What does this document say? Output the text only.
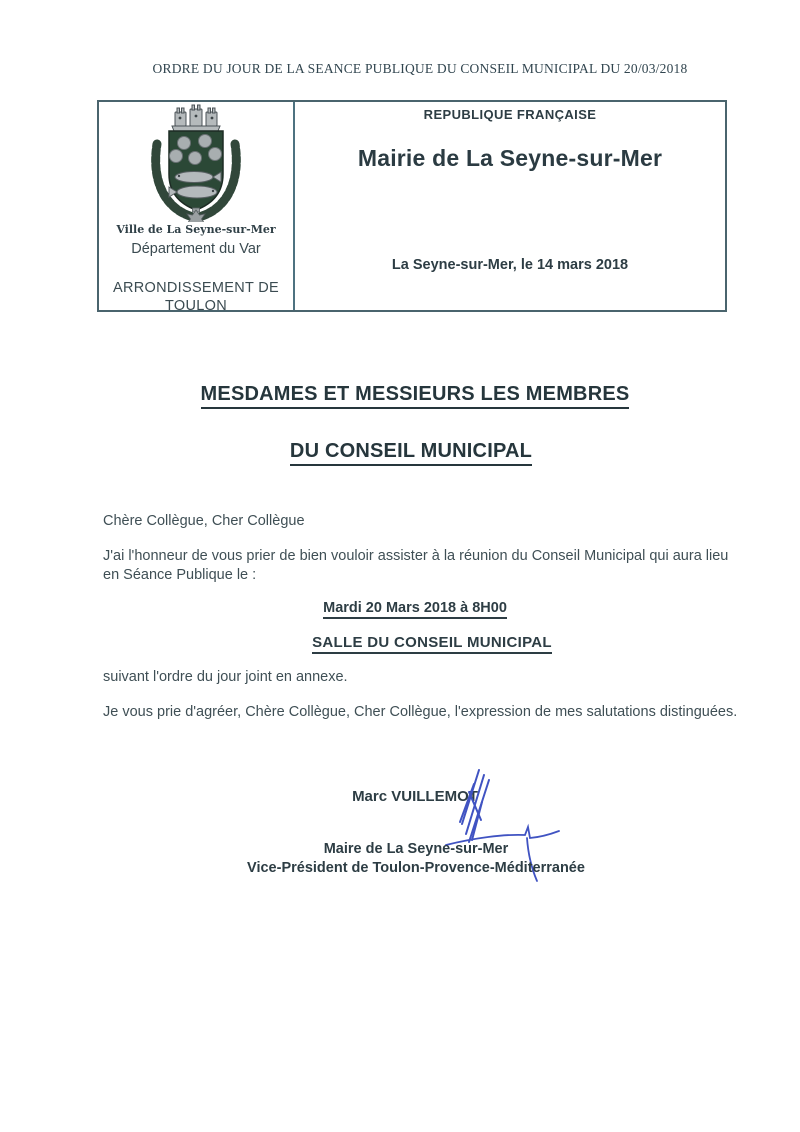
ORDRE DU JOUR DE LA SEANCE PUBLIQUE DU CONSEIL MUNICIPAL DU 20/03/2018
Ville de La Seyne-sur-Mer
Département du Var
ARRONDISSEMENT DE
TOULON
REPUBLIQUE FRANÇAISE
Mairie de La Seyne-sur-Mer
La Seyne-sur-Mer, le 14 mars 2018
MESDAMES ET MESSIEURS LES MEMBRES
DU CONSEIL MUNICIPAL
Chère Collègue, Cher Collègue
J'ai l'honneur de vous prier de bien vouloir assister à la réunion du Conseil Municipal qui aura lieu
en Séance Publique le :
Mardi 20 Mars 2018 à 8H00
SALLE DU CONSEIL MUNICIPAL
suivant l'ordre du jour joint en annexe.
Je vous prie d'agréer, Chère Collègue, Cher Collègue, l'expression de mes salutations distinguées.
Marc VUILLEMOT
Maire de La Seyne-sur-Mer
Vice-Président de Toulon-Provence-Méditerranée
